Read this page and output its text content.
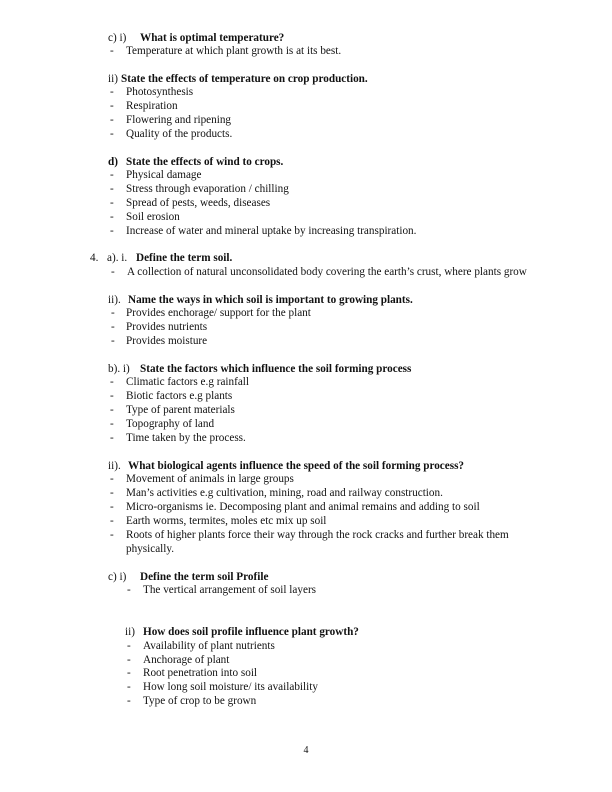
c) i) What is optimal temperature?
- Temperature at which plant growth is at its best.
ii) State the effects of temperature on crop production.
- Photosynthesis
- Respiration
- Flowering and ripening
- Quality of the products.
d) State the effects of wind to crops.
- Physical damage
- Stress through evaporation / chilling
- Spread of pests, weeds, diseases
- Soil erosion
- Increase of water and mineral uptake by increasing transpiration.
4. a). i. Define the term soil.
- A collection of natural unconsolidated body covering the earth’s crust, where plants grow
ii). Name the ways in which soil is important to growing plants.
- Provides enchorage/ support for the plant
- Provides nutrients
- Provides moisture
b). i) State the factors which influence the soil forming process
- Climatic factors e.g rainfall
- Biotic factors e.g plants
- Type of parent materials
- Topography of land
- Time taken by the process.
ii). What biological agents influence the speed of the soil forming process?
- Movement of animals in large groups
- Man’s activities e.g cultivation, mining, road and railway construction.
- Micro-organisms ie. Decomposing plant and animal remains and adding to soil
- Earth worms, termites, moles etc mix up soil
- Roots of higher plants force their way through the rock cracks and further break them
physically.
c) i) Define the term soil Profile
- The vertical arrangement of soil layers
ii) How does soil profile influence plant growth?
- Availability of plant nutrients
- Anchorage of plant
- Root penetration into soil
- How long soil moisture/ its availability
- Type of crop to be grown
4
